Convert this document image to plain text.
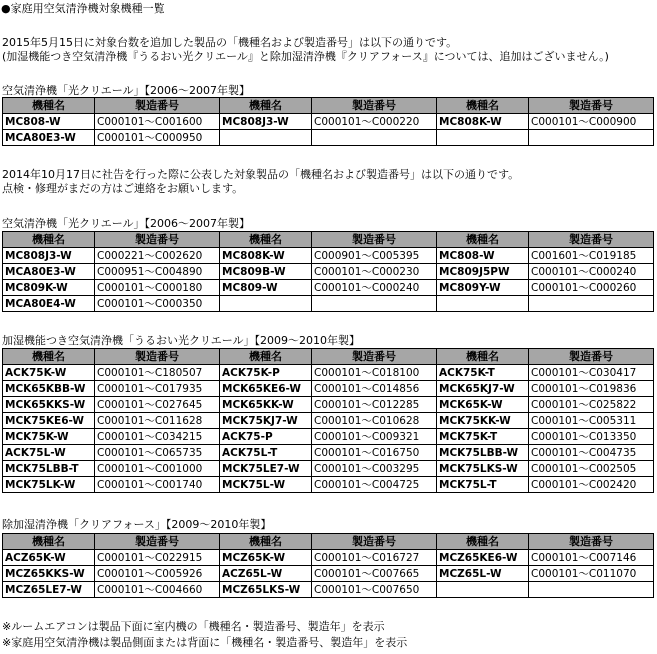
●家庭用空気清浄機対象機種一覧
2015年5月15日に対象台数を追加した製品の「機種名および製造番号」は以下の通りです。
(加湿機能つき空気清浄機『うるおい光クリエール』と除加湿清浄機『クリアフォース』については、追加はございません。)
空気清浄機「光クリエール」【2006～2007年製】
機種名	製造番号	機種名	製造番号	機種名	製造番号
MC808-W	C000101～C001600	MC808J3-W	C000101～C000220	MC808K-W	C000101～C000900
MCA80E3-W	C000101～C000950				
2014年10月17日に社告を行った際に公表した対象製品の「機種名および製造番号」は以下の通りです。
点検・修理がまだの方はご連絡をお願いします。
空気清浄機「光クリエール」【2006～2007年製】
機種名	製造番号	機種名	製造番号	機種名	製造番号
MC808J3-W	C000221～C002620	MC808K-W	C000901～C005395	MC808-W	C001601～C019185
MCA80E3-W	C000951～C004890	MC809B-W	C000101～C000230	MC809J5PW	C000101～C000240
MC809K-W	C000101～C000180	MC809-W	C000101～C000240	MC809Y-W	C000101～C000260
MCA80E4-W	C000101～C000350				
加湿機能つき空気清浄機「うるおい光クリエール」【2009～2010年製】
機種名	製造番号	機種名	製造番号	機種名	製造番号
ACK75K-W	C000101～C180507	ACK75K-P	C000101～C018100	ACK75K-T	C000101～C030417
MCK65KBB-W	C000101～C017935	MCK65KE6-W	C000101～C014856	MCK65KJ7-W	C000101～C019836
MCK65KKS-W	C000101～C027645	MCK65KK-W	C000101～C012285	MCK65K-W	C000101～C025822
MCK75KE6-W	C000101～C011628	MCK75KJ7-W	C000101～C010628	MCK75KK-W	C000101～C005311
MCK75K-W	C000101～C034215	ACK75-P	C000101～C009321	MCK75K-T	C000101～C013350
ACK75L-W	C000101～C065735	ACK75L-T	C000101～C016750	MCK75LBB-W	C000101～C004735
MCK75LBB-T	C000101～C001000	MCK75LE7-W	C000101～C003295	MCK75LKS-W	C000101～C002505
MCK75LK-W	C000101～C001740	MCK75L-W	C000101～C004725	MCK75L-T	C000101～C002420
除加湿清浄機「クリアフォース」【2009～2010年製】
機種名	製造番号	機種名	製造番号	機種名	製造番号
ACZ65K-W	C000101～C022915	MCZ65K-W	C000101～C016727	MCZ65KE6-W	C000101～C007146
MCZ65KKS-W	C000101～C005926	ACZ65L-W	C000101～C007665	MCZ65L-W	C000101～C011070
MCZ65LE7-W	C000101～C004660	MCZ65LKS-W	C000101～C007650		
※ルームエアコンは製品下面に室内機の「機種名・製造番号、製造年」を表示
※家庭用空気清浄機は製品側面または背面に「機種名・製造番号、製造年」を表示
